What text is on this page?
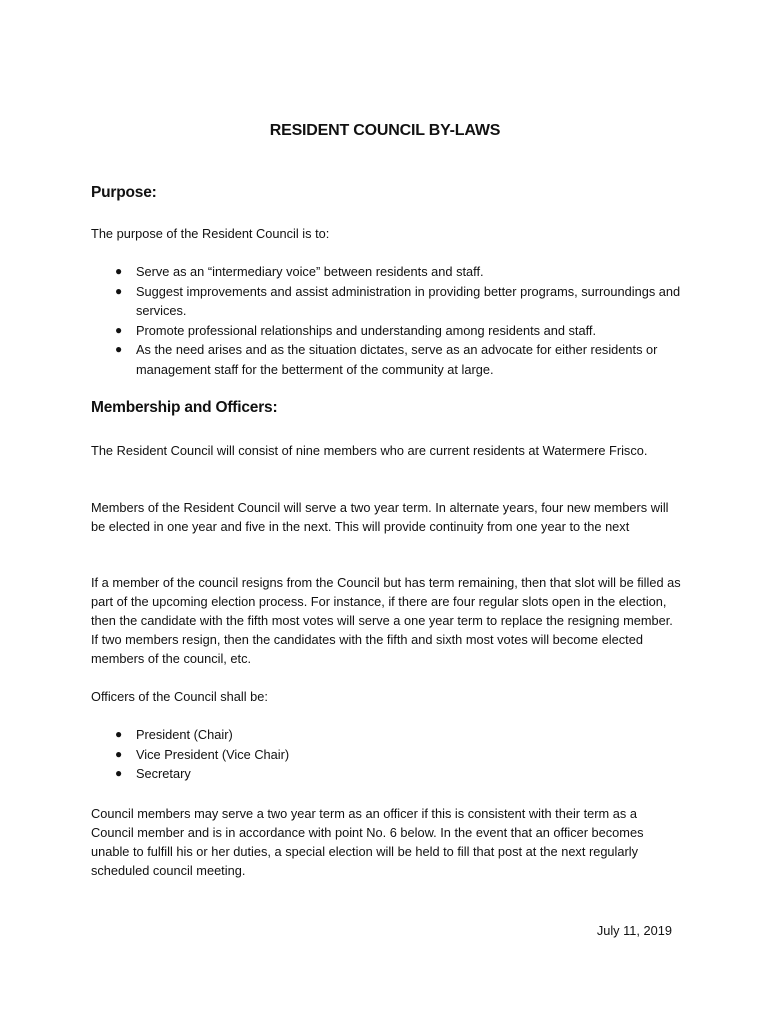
RESIDENT COUNCIL BY-LAWS
Purpose:

The purpose of the Resident Council is to:

● Serve as an “intermediary voice” between residents and staff.
● Suggest improvements and assist administration in providing better programs, surroundings and services.
● Promote professional relationships and understanding among residents and staff.
● As the need arises and as the situation dictates, serve as an advocate for either residents or management staff for the betterment of the community at large.
Membership and Officers:

The Resident Council will consist of nine members who are current residents at Watermere Frisco.

Members of the Resident Council will serve a two year term. In alternate years, four new members will be elected in one year and five in the next. This will provide continuity from one year to the next

If a member of the council resigns from the Council but has term remaining, then that slot will be filled as part of the upcoming election process. For instance, if there are four regular slots open in the election, then the candidate with the fifth most votes will serve a one year term to replace the resigning member. If two members resign, then the candidates with the fifth and sixth most votes will become elected members of the council, etc.

Officers of the Council shall be:

● President (Chair)
● Vice President (Vice Chair)
● Secretary

Council members may serve a two year term as an officer if this is consistent with their term as a Council member and is in accordance with point No. 6 below. In the event that an officer becomes unable to fulfill his or her duties, a special election will be held to fill that post at the next regularly scheduled council meeting.

July 11, 2019
